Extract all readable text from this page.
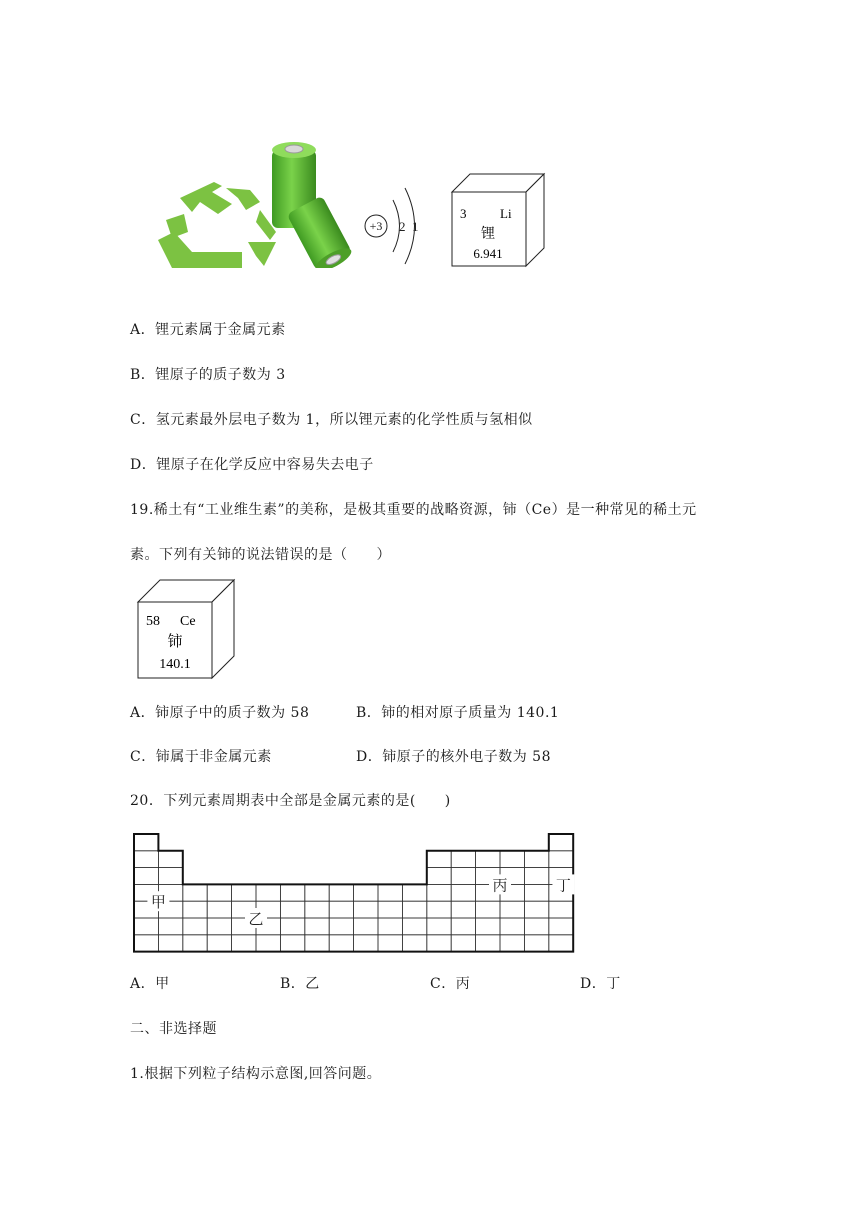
+3 2 1
3	Li
锂
6.941
A．锂元素属于金属元素
B．锂原子的质子数为 3
C．氢元素最外层电子数为 1，所以锂元素的化学性质与氢相似
D．锂原子在化学反应中容易失去电子
19.稀土有“工业维生素”的美称，是极其重要的战略资源，铈（Ce）是一种常见的稀土元
素。下列有关铈的说法错误的是（　　）
58 Ce
铈
140.1
A．铈原子中的质子数为 58	B．铈的相对原子质量为 140.1
C．铈属于非金属元素	D．铈原子的核外电子数为 58
20．下列元素周期表中全部是金属元素的是(　　)
甲
乙
丙	丁
A．甲	B．乙	C．丙	D．丁
二、非选择题
1.根据下列粒子结构示意图,回答问题。
